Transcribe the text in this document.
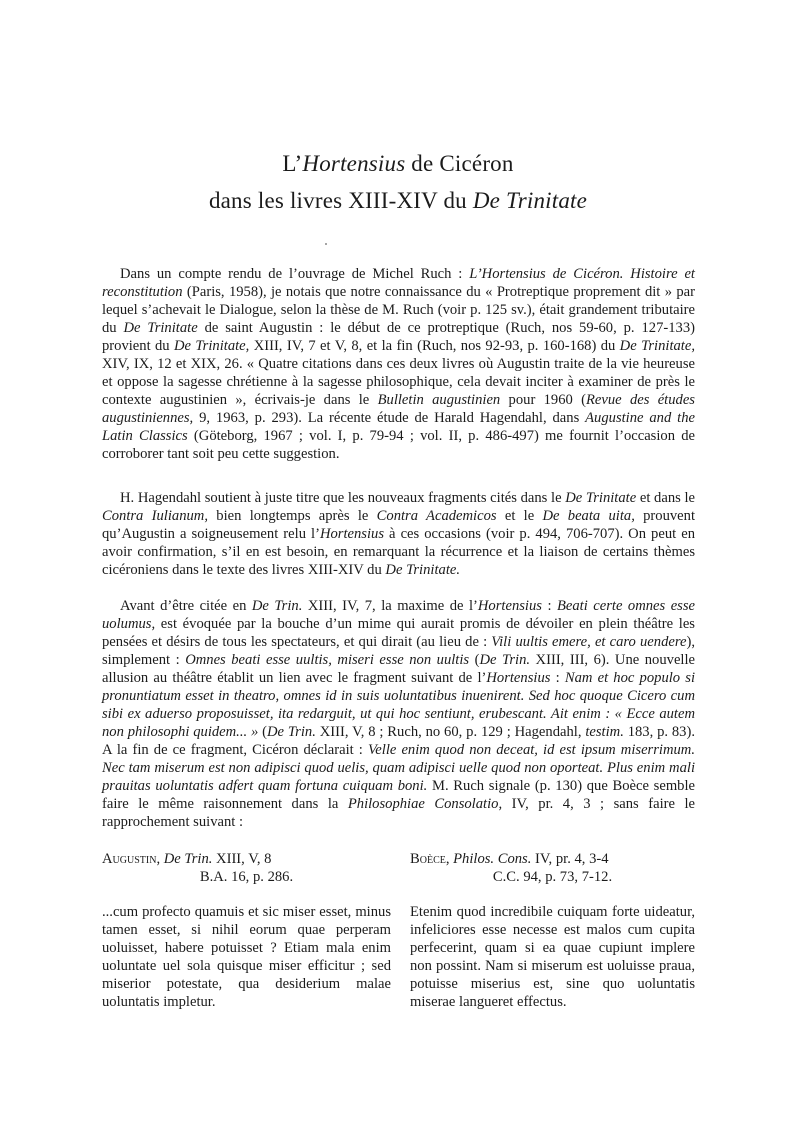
L’Hortensius de Cicéron
dans les livres XIII-XIV du De Trinitate

Dans un compte rendu de l’ouvrage de Michel Ruch : L’Hortensius de Cicéron. Histoire et reconstitution (Paris, 1958), je notais que notre connaissance du « Protreptique proprement dit » par lequel s’achevait le Dialogue, selon la thèse de M. Ruch (voir p. 125 sv.), était grandement tributaire du De Trinitate de saint Augustin : le début de ce protreptique (Ruch, nos 59-60, p. 127-133) provient du De Trinitate, XIII, IV, 7 et V, 8, et la fin (Ruch, nos 92-93, p. 160-168) du De Trinitate, XIV, IX, 12 et XIX, 26. « Quatre citations dans ces deux livres où Augustin traite de la vie heureuse et oppose la sagesse chrétienne à la sagesse philosophique, cela devait inciter à examiner de près le contexte augustinien », écrivais-je dans le Bulletin augustinien pour 1960 (Revue des études augustiniennes, 9, 1963, p. 293). La récente étude de Harald Hagendahl, dans Augustine and the Latin Classics (Göteborg, 1967 ; vol. I, p. 79-94 ; vol. II, p. 486-497) me fournit l’occasion de corroborer tant soit peu cette suggestion.

H. Hagendahl soutient à juste titre que les nouveaux fragments cités dans le De Trinitate et dans le Contra Iulianum, bien longtemps après le Contra Academicos et le De beata uita, prouvent qu’Augustin a soigneusement relu l’Hortensius à ces occasions (voir p. 494, 706-707). On peut en avoir confirmation, s’il en est besoin, en remarquant la récurrence et la liaison de certains thèmes cicéroniens dans le texte des livres XIII-XIV du De Trinitate.

Avant d’être citée en De Trin. XIII, IV, 7, la maxime de l’Hortensius : Beati certe omnes esse uolumus, est évoquée par la bouche d’un mime qui aurait promis de dévoiler en plein théâtre les pensées et désirs de tous les spectateurs, et qui dirait (au lieu de : Vili uultis emere, et caro uendere), simplement : Omnes beati esse uultis, miseri esse non uultis (De Trin. XIII, III, 6). Une nouvelle allusion au théâtre établit un lien avec le fragment suivant de l’Hortensius : Nam et hoc populo si pronuntiatum esset in theatro, omnes id in suis uoluntatibus inuenirent. Sed hoc quoque Cicero cum sibi ex aduerso proposuisset, ita redarguit, ut qui hoc sentiunt, erubescant. Ait enim : « Ecce autem non philosophi quidem... » (De Trin. XIII, V, 8 ; Ruch, no 60, p. 129 ; Hagendahl, testim. 183, p. 83). A la fin de ce fragment, Cicéron déclarait : Velle enim quod non deceat, id est ipsum miserrimum. Nec tam miserum est non adipisci quod uelis, quam adipisci uelle quod non oporteat. Plus enim mali prauitas uoluntatis adfert quam fortuna cuiquam boni. M. Ruch signale (p. 130) que Boèce semble faire le même raisonnement dans la Philosophiae Consolatio, IV, pr. 4, 3 ; sans faire le rapprochement suivant :

Augustin, De Trin. XIII, V, 8

B.A. 16, p. 286.

...cum profecto quamuis et sic miser esset, minus tamen esset, si nihil eorum quae perperam uoluisset, habere potuisset ? Etiam mala enim uoluntate uel sola quisque miser efficitur ; sed miserior potestate, qua desiderium malae uoluntatis impletur.

Boèce, Philos. Cons. IV, pr. 4, 3-4

C.C. 94, p. 73, 7-12.

Etenim quod incredibile cuiquam forte uideatur, infeliciores esse necesse est malos cum cupita perfecerint, quam si ea quae cupiunt implere non possint. Nam si miserum est uoluisse praua, potuisse miserius est, sine quo uoluntatis miserae langueret effectus.
